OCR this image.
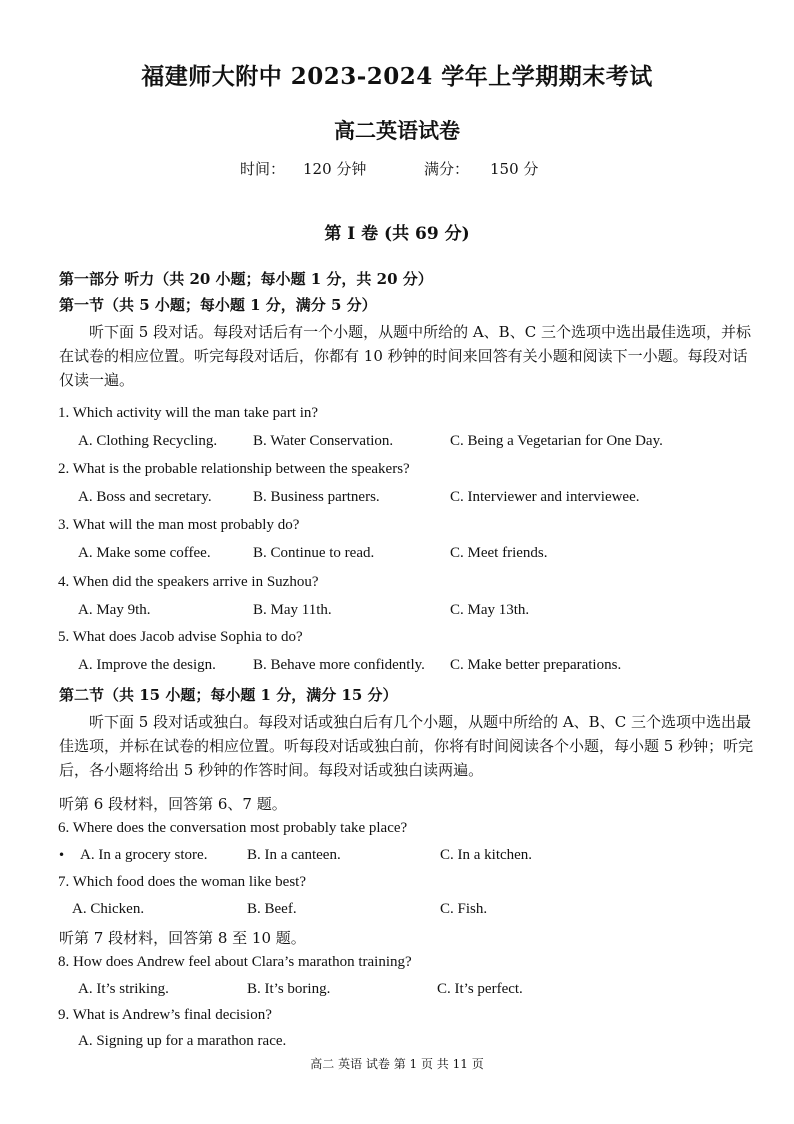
福建师大附中 2023-2024 学年上学期期末考试
高二英语试卷
时间： 120 分钟	满分： 150 分
第 I 卷 (共 69 分)
第一部分 听力（共 20 小题；每小题 1 分，共 20 分）
第一节（共 5 小题；每小题 1 分，满分 5 分）

听下面 5 段对话。每段对话后有一个小题，从题中所给的 A、B、C 三个选项中选出最佳选项，并标在试卷的相应位置。听完每段对话后，你都有 10 秒钟的时间来回答有关小题和阅读下一小题。每段对话仅读一遍。

1. Which activity will the man take part in?
A. Clothing Recycling. B. Water Conservation.	C. Being a Vegetarian for One Day.
2. What is the probable relationship between the speakers?
A. Boss and secretary.	B. Business partners.	C. Interviewer and interviewee.
3. What will the man most probably do?
A. Make some coffee.	B. Continue to read.	C. Meet friends.
4. When did the speakers arrive in Suzhou?
A. May 9th.	B. May 11th.	C. May 13th.
5. What does Jacob advise Sophia to do?
A. Improve the design. B. Behave more confidently. C. Make better preparations.
第二节（共 15 小题；每小题 1 分，满分 15 分）

听下面 5 段对话或独白。每段对话或独白后有几个小题，从题中所给的 A、B、C 三个选项中选出最佳选项，并标在试卷的相应位置。听每段对话或独白前，你将有时间阅读各个小题，每小题 5 秒钟；听完后，各小题将给出 5 秒钟的作答时间。每段对话或独白读两遍。

听第 6 段材料，回答第 6、7 题。
6. Where does the conversation most probably take place?
• A. In a grocery store.	B. In a canteen.	C. In a kitchen.
7. Which food does the woman like best?
A. Chicken.	B. Beef.	C. Fish.
听第 7 段材料，回答第 8 至 10 题。
8. How does Andrew feel about Clara’s marathon training?
A. It’s striking.	B. It’s boring.	C. It’s perfect.
9. What is Andrew’s final decision?
A. Signing up for a marathon race.
高二 英语 试卷 第 1 页 共 11 页
